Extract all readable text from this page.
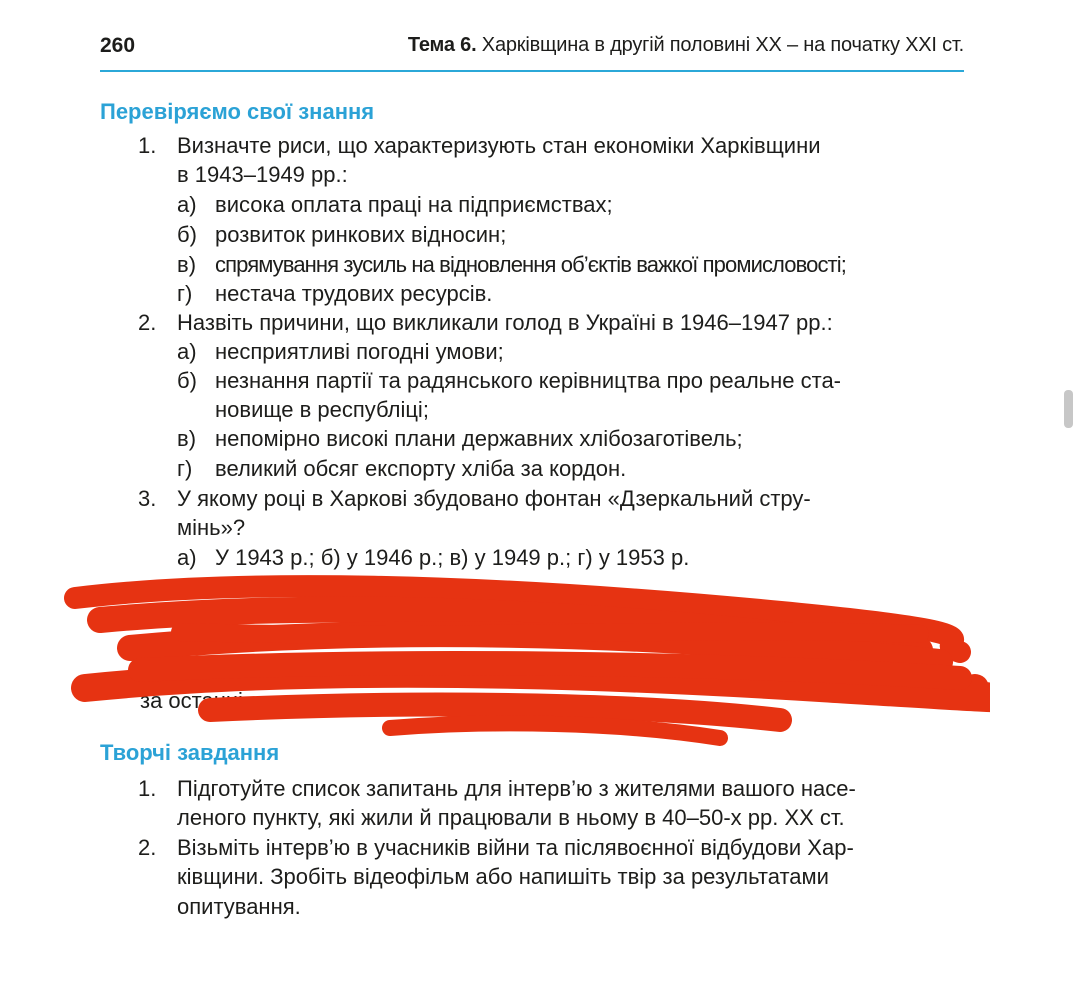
260	Тема 6. Харківщина в другій половині ХХ – на початку ХХІ ст.
Перевіряємо свої знання
1. Визначте риси, що характеризують стан економіки Харківщини
в 1943–1949 рр.:
а) висока оплата праці на підприємствах;
б) розвиток ринкових відносин;
в) спрямування зусиль на відновлення об’єктів важкої промисловості;
г) нестача трудових ресурсів.
2. Назвіть причини, що викликали голод в Україні в 1946–1947 рр.:
а) несприятливі погодні умови;
б) незнання партії та радянського керівництва про реальне ста-
новище в республіці;
в) непомірно високі плани державних хлібозаготівель;
г) великий обсяг експорту хліба за кордон.
3. У якому році в Харкові збудовано фонтан «Дзеркальний стру-
мінь»?
а) У 1943 р.; б) у 1946 р.; в) у 1949 р.; г) у 1953 р.
х навичок
за останні
Творчі завдання
1. Підготуйте список запитань для інтерв’ю з жителями вашого насе-
леного пункту, які жили й працювали в ньому в 40–50-х рр. ХХ ст.
2. Візьміть інтерв’ю в учасників війни та післявоєнної відбудови Хар-
ківщини. Зробіть відеофільм або напишіть твір за результатами
опитування.
